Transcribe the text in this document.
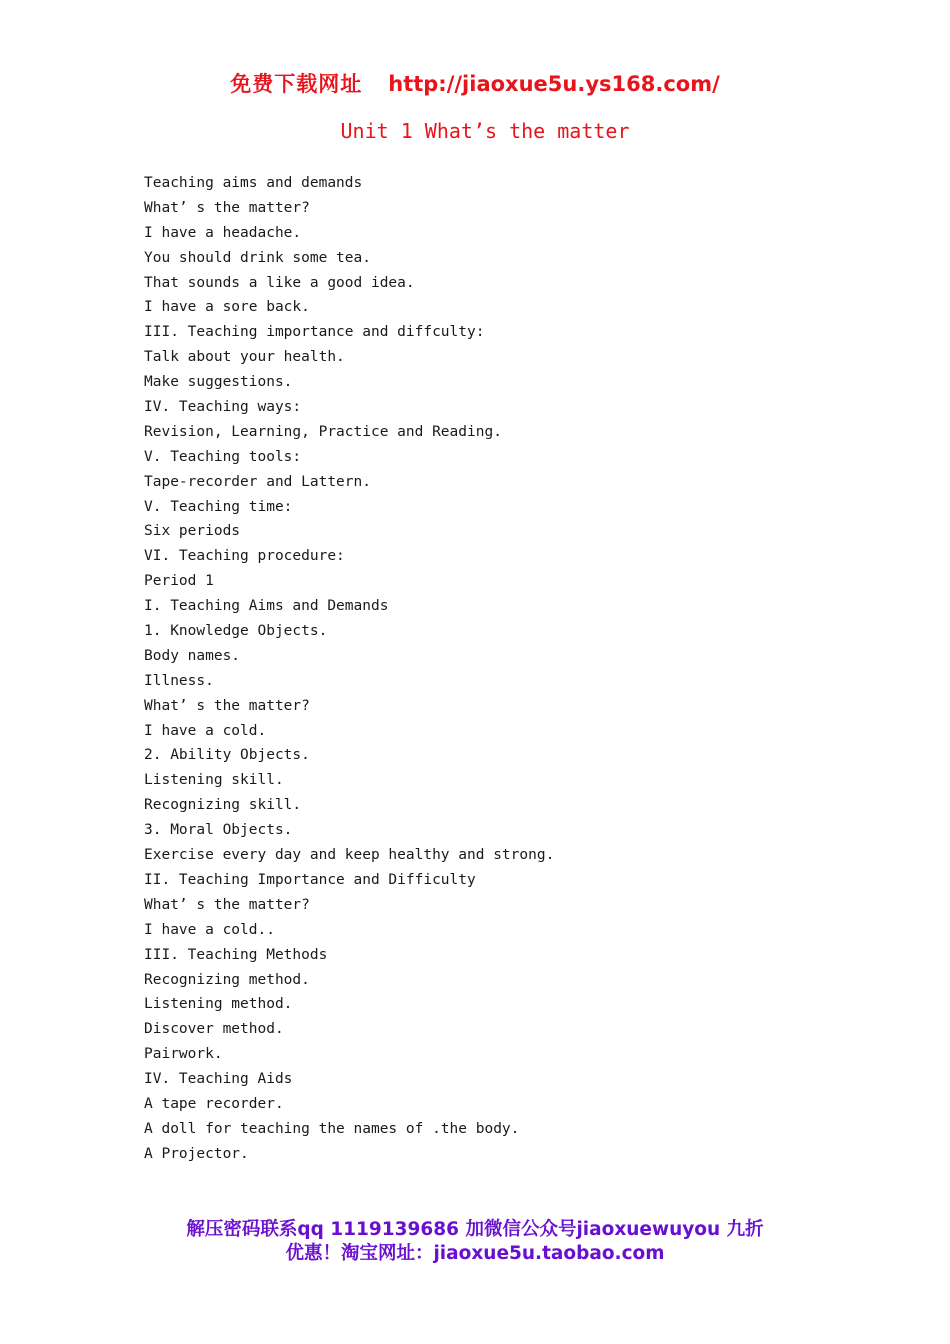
免费下载网址 http://jiaoxue5u.ys168.com/
Unit 1 What’s the matter
Teaching aims and demands
What’ s the matter?
I have a headache.
You should drink some tea.
That sounds a like a good idea.
I have a sore back.
III. Teaching importance and diffculty:
Talk about your health.
Make suggestions.
IV. Teaching ways:
Revision, Learning, Practice and Reading.
V. Teaching tools:
Tape-recorder and Lattern.
V. Teaching time:
Six periods
VI. Teaching procedure:
Period 1
I. Teaching Aims and Demands
1. Knowledge Objects.
Body names.
Illness.
What’ s the matter?
I have a cold.
2. Ability Objects.
Listening skill.
Recognizing skill.
3. Moral Objects.
Exercise every day and keep healthy and strong.
II. Teaching Importance and Difficulty
What’ s the matter?
I have a cold..
III. Teaching Methods
Recognizing method.
Listening method.
Discover method.
Pairwork.
IV. Teaching Aids
A tape recorder.
A doll for teaching the names of .the body.
A Projector.
解压密码联系qq 1119139686 加微信公众号jiaoxuewuyou 九折
优惠！淘宝网址：jiaoxue5u.taobao.com
